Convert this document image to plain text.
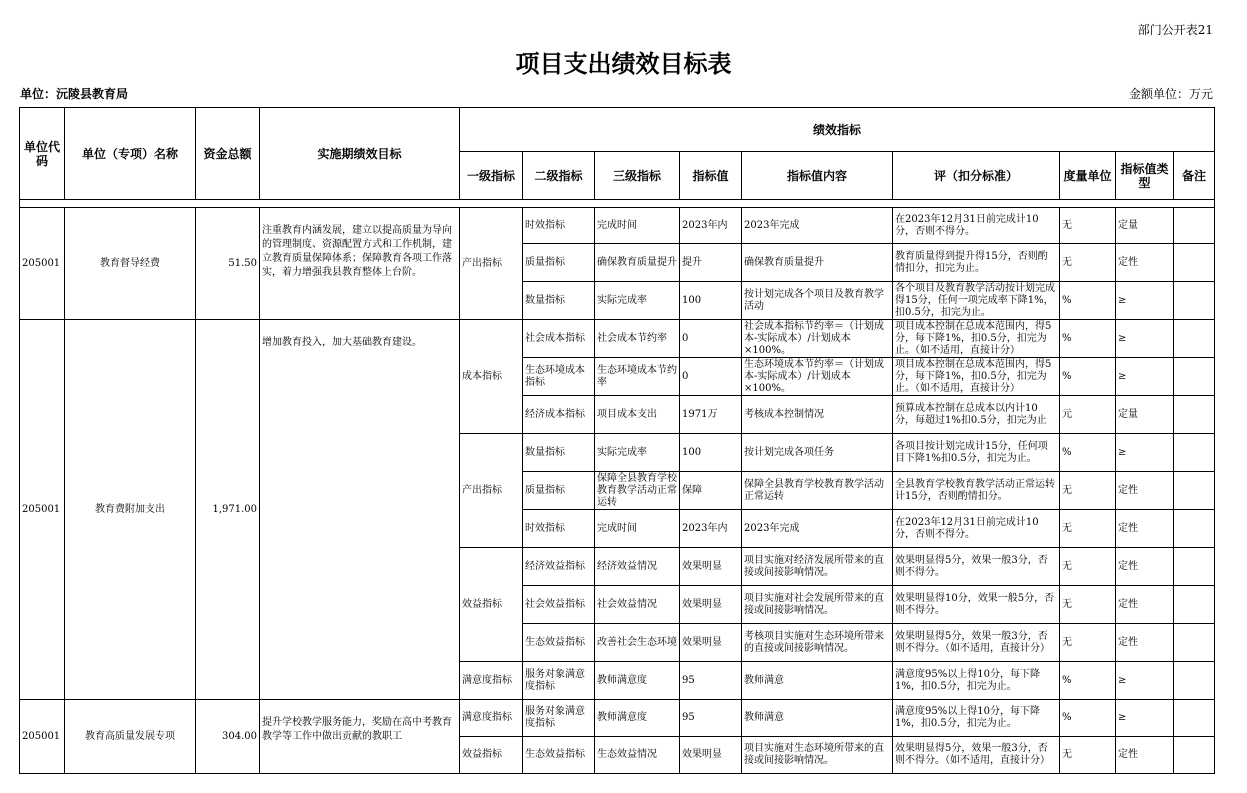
部门公开表21
项目支出绩效目标表
单位：沅陵县教育局	金额单位：万元
单位代码	单位（专项）名称	资金总额	实施期绩效目标	绩效指标								
				一级指标	二级指标	三级指标	指标值	指标值内容	评（扣分标准）	度量单位	指标值类型	备注

205001	教育督导经费	51.50	注重教育内涵发展，建立以提高质量为导向的管理制度、资源配置方式和工作机制，建立教育质量保障体系；保障教育各项工作落实，着力增强我县教育整体上台阶。	产出指标	时效指标	完成时间	2023年内	2023年完成	在2023年12月31日前完成计10分，否则不得分。	无	定量	
					质量指标	确保教育质量提升	提升	确保教育质量提升	教育质量得到提升得15分，否则酌情扣分，扣完为止。	无	定性	
					数量指标	实际完成率	100	按计划完成各个项目及教育教学活动	各个项目及教育教学活动按计划完成得15分，任何一项完成率下降1%，扣0.5分，扣完为止。	%	≥	
205001	教育费附加支出	1,971.00	增加教育投入，加大基础教育建设。	成本指标	社会成本指标	社会成本节约率	0	社会成本指标节约率＝（计划成本-实际成本）/计划成本×100%。	项目成本控制在总成本范围内，得5分，每下降1%，扣0.5分，扣完为止。（如不适用，直接计分）	%	≥	
					生态环境成本指标	生态环境成本节约率	0	生态环境成本节约率＝（计划成本-实际成本）/计划成本×100%。	项目成本控制在总成本范围内，得5分，每下降1%，扣0.5分，扣完为止。（如不适用，直接计分）	%	≥	
					经济成本指标	项目成本支出	1971万	考核成本控制情况	预算成本控制在总成本以内计10分，每超过1%扣0.5分，扣完为止	元	定量	
				产出指标	数量指标	实际完成率	100	按计划完成各项任务	各项目按计划完成计15分，任何项目下降1%扣0.5分，扣完为止。	%	≥	
					质量指标	保障全县教育学校教育教学活动正常运转	保障	保障全县教育学校教育教学活动正常运转	全县教育学校教育教学活动正常运转计15分，否则酌情扣分。	无	定性	
					时效指标	完成时间	2023年内	2023年完成	在2023年12月31日前完成计10分，否则不得分。	无	定性	
				效益指标	经济效益指标	经济效益情况	效果明显	项目实施对经济发展所带来的直接或间接影响情况。	效果明显得5分，效果一般3分，否则不得分。	无	定性	
					社会效益指标	社会效益情况	效果明显	项目实施对社会发展所带来的直接或间接影响情况。	效果明显得10分，效果一般5分，否则不得分。	无	定性	
					生态效益指标	改善社会生态环境	效果明显	考核项目实施对生态环境所带来的直接或间接影响情况。	效果明显得5分，效果一般3分，否则不得分。（如不适用，直接计分）	无	定性	
				满意度指标	服务对象满意度指标	教师满意度	95	教师满意	满意度95%以上得10分，每下降1%，扣0.5分，扣完为止。	%	≥	
205001	教育高质量发展专项	304.00	提升学校教学服务能力，奖励在高中考教育教学等工作中做出贡献的教职工	满意度指标	服务对象满意度指标	教师满意度	95	教师满意	满意度95%以上得10分，每下降1%，扣0.5分，扣完为止。	%	≥	
				效益指标	生态效益指标	生态效益情况	效果明显	项目实施对生态环境所带来的直接或间接影响情况。	效果明显得5分，效果一般3分，否则不得分。（如不适用，直接计分）	无	定性	
